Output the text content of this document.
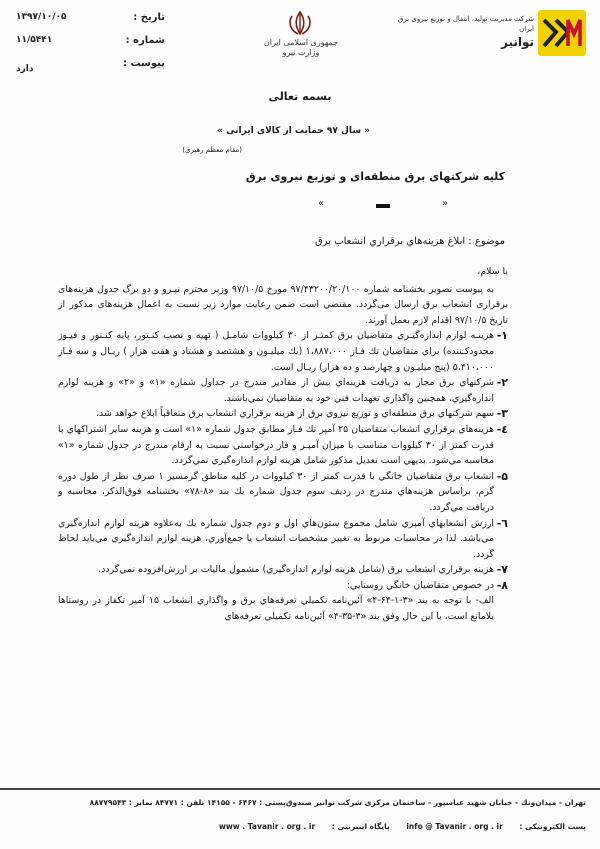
شرکت مدیریت تولید، انتقال و توزیع نیروی برق ایران
توانیر
جمهوری اسلامی ایران
وزارت نیرو
تاریخ :
شماره :
پیوست :
۱۳۹۷/۱۰/۰۵
۱۱/۵۴۴۱
دارد
بسمه تعالی
« سال ۹۷ حمایت از کالای ایرانی »
(مقام معظم رهبری)
کلیه شرکتهای برق منطقه‌ای و توزیع نیروی برق
«	»
موضوع : ابلاغ هزینه‌هاي برقراري انشعاب برق

با سلام،

به پیوست تصویر بخشنامه شماره ۹۷/۴۳۲۰۰/۲۰/۱۰۰ مورخ ۹۷/۱۰/۵ وزیر محترم نیـرو و دو برگ جدول هزینه‌های برقراری انشعاب برق ارسال می‌گردد. مقتضي است ضمن رعایت موارد زیر نسبت به اعمال هزینه‌های مذکور از تاریخ ۹۷/۱۰/۵ اقدام لازم بعمل آورند.

۱-
هزینـه لوازم اندازه‌گیـري متقاضیان برق کمتـر از ۳۰ کیلووات شامـل ( تهیه و نصب کنـتور، پایه کنـتور و فیـوز محدودکـننده) براي متقاضیان تك فـاز ۱،۸۸۷،۰۰۰ (یك میلیـون و هشتصد و هشتاد و هفت هزار ) ریـال و سه فـاز ۵،۴۱۰،۰۰۰ (پنج میلیـون و چهارصد و ده هزار) ریـال است.
۲-
شرکتهاي برق مجاز به دریافت هزینه‌اي بیش از مقادیر مندرج در جداول شماره «۱» و «۲» و هزینه لوازم اندازه‌گیري، همچنین واگذاري تعهدات فني خود به متقاضیان نمي‌باشند.
۳-
سهم شرکتهاي برق منطقه‌اي و توزیع نیروي برق از هزینه برقراري انشعاب برق متعاقباً ابلاغ خواهد شد.
٤-
هزینه‌هاي برقراري انشعاب متقاضیان ۲۵ آمپر تك فـاز مطابق جدول شماره «۱» است و هزینه سایر اشتراکهاي با قدرت کمتر از ۳۰ کیلووات متناسب با میزان آمپـر و فاز درخواستي نسبت به ارقام مندرج در جدول شماره «۱» محاسبه مي‌شود. بدیهي است تعدیل مذکور شامل هزینه لوازم اندازه‌گیري نمي‌گردد.
۵-
انشعاب برق متقاضیان خانگي با قدرت کمتر از ۳۰ کیلووات در کلیه مناطق گرمسیر ۱ صرف نظر از طول دوره گرم، براساس هزینه‌هاي مندرج در ردیف سوم جدول شماره یك بند «۸-۷۸» بخشنامه فوق‌الذکر، محاسبه و دریافت مي‌گردد.
٦-
ارزش انشعابهاي آمپري شامل مجموع ستون‌هاي اول و دوم جدول شماره یك به‌علاوه هزینه لوازم اندازه‌گیري مي‌باشد. لذا در محاسبات مربوط به تغییر مشخصات انشعاب یا جمع‌آوري، هزینه لوازم اندازه‌گیري مي‌باید لحاظ گردد.
۷-
هزینه برقراري انشعاب برق (شامل هزینه لوازم اندازه‌گیري) مشمول مالیات بر ارزش‌افزوده نمي‌گردد.
۸-
در خصوص متقاضیان خانگي روستایي:

الف- با توجه به بند «۳-۱-۶۴-۴» آئین‌نامه تکمیلي تعرفه‌هاي برق و واگذاري انشعاب ۱۵ آمپر تکفاز در روستاها بلامانع است، با این حال وفق بند «۳-۳۵-۴» آئین‌نامه تکمیلي تعرفه‌هاي

تهران - میدان‌ونك - خیابان شهید عباسپور - ساختمان مرکزی شرکت توانیر صندوق‌پستی : ۶۴۶۷ - ۱۴۱۵۵ تلفن : ۸۴۷۷۱ نمابر : ۸۸۷۷۹۵۴۳
پست الکترونیکی : info @ Tavanir . org . ir پایگاه اینترنتی : www . Tavanir . org . ir
